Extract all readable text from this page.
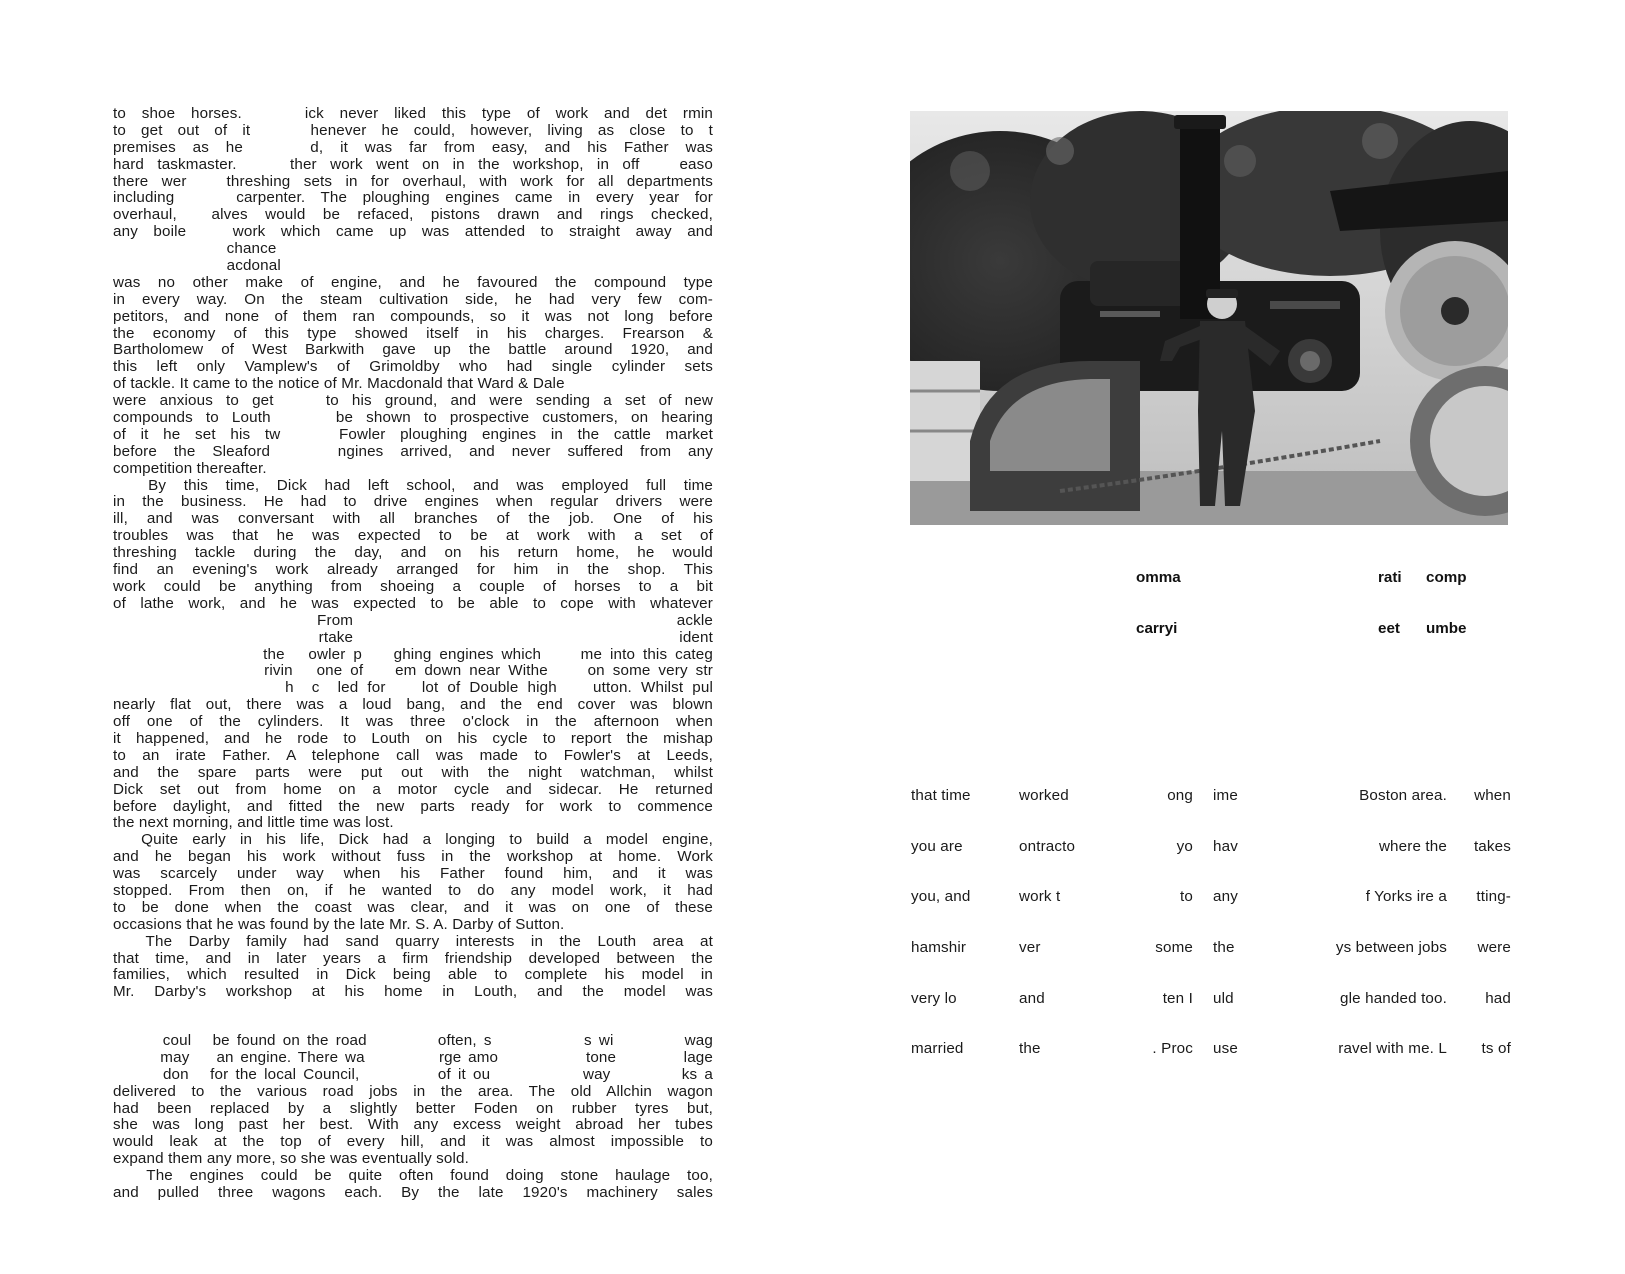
to shoe horses.    ick never liked this type of work and det rmin
to get out of it    henever he could, however, living as close to t
premises as he    d, it was far from easy, and his Father was
hard taskmaster.    ther work went on in the workshop, in off   easo
there wer   threshing sets in for overhaul, with work for all departments
including    carpenter. The ploughing engines came in every year for
overhaul,  alves would be refaced, pistons drawn and rings checked,
any boile   work which came up was attended to straight away and
chance
acdonal
was no other make of engine, and he favoured the compound type
in every way. On the steam cultivation side, he had very few com-
petitors, and none of them ran compounds, so it was not long before
the economy of this type showed itself in his charges. Frearson &
Bartholomew of West Barkwith gave up the battle around 1920, and
this left only Vamplew's of Grimoldby who had single cylinder sets
of tackle. It came to the notice of Mr. Macdonald that Ward & Dale
were anxious to get    to his ground, and were sending a set of new
compounds to Louth     be shown to prospective customers, on hearing
of it he set his tw    Fowler ploughing engines in the cattle market
before the Sleaford    ngines arrived, and never suffered from any
competition thereafter.
By this time, Dick had left school, and was employed full time
in the business. He had to drive engines when regular drivers were
ill, and was conversant with all branches of the job. One of his
troubles was that he was expected to be at work with a set of
threshing tackle during the day, and on his return home, he would
find an evening's work already arranged for him in the shop. This
work could be anything from shoeing a couple of horses to a bit
of lathe work, and he was expected to be able to cope with whatever
From                                              ackle
rtake                                              ident
the   owler p    ghing engines which     me into this categ
rivin   one of    em down near Withe     on some very str
h  c  led for    lot of Double high    utton. Whilst pul
nearly flat out, there was a loud bang, and the end cover was blown
off one of the cylinders. It was three o'clock in the afternoon when
it happened, and he rode to Louth on his cycle to report the mishap
to an irate Father. A telephone call was made to Fowler's at Leeds,
and the spare parts were put out with the night watchman, whilst
Dick set out from home on a motor cycle and sidecar. He returned
before daylight, and fitted the new parts ready for work to commence
the next morning, and little time was lost.
Quite early in his life, Dick had a longing to build a model engine,
and he began his work without fuss in the workshop at home. Work
was scarcely under way when his Father found him, and it was
stopped. From then on, if he wanted to do any model work, it had
to be done when the coast was clear, and it was on one of these
occasions that he was found by the late Mr. S. A. Darby of Sutton.
The Darby family had sand quarry interests in the Louth area at
that time, and in later years a firm friendship developed between the
families, which resulted in Dick being able to complete his model in
Mr. Darby's workshop at his home in Louth, and the model was
coul   be found on the road          often, s             s wi          wag
may    an engine. There wa           rge amo             tone          lage
don   for the local Council,           of it ou             way          ks a
delivered to the various road jobs in the area. The old Allchin wagon
had been replaced by a slightly better Foden on rubber tyres but,
she was long past her best. With any excess weight abroad her tubes
would leak at the top of every hill, and it was almost impossible to
expand them any more, so she was eventually sold.
The engines could be quite often found doing stone haulage too,
and pulled three wagons each. By the late 1920's machinery sales

omma

carryi

rati

eet

comp

umbe

that time

you are

you, and

hamshir

very lo

married

worked

ontracto

work t

ver

and

the

ong

yo

to

some

ten I

. Proc

ime

hav

any

the

uld

use

Boston area.

where the

f Yorks ire a

ys between jobs

gle handed too.

ravel with me. L

when

takes

tting-

were

had

ts of
